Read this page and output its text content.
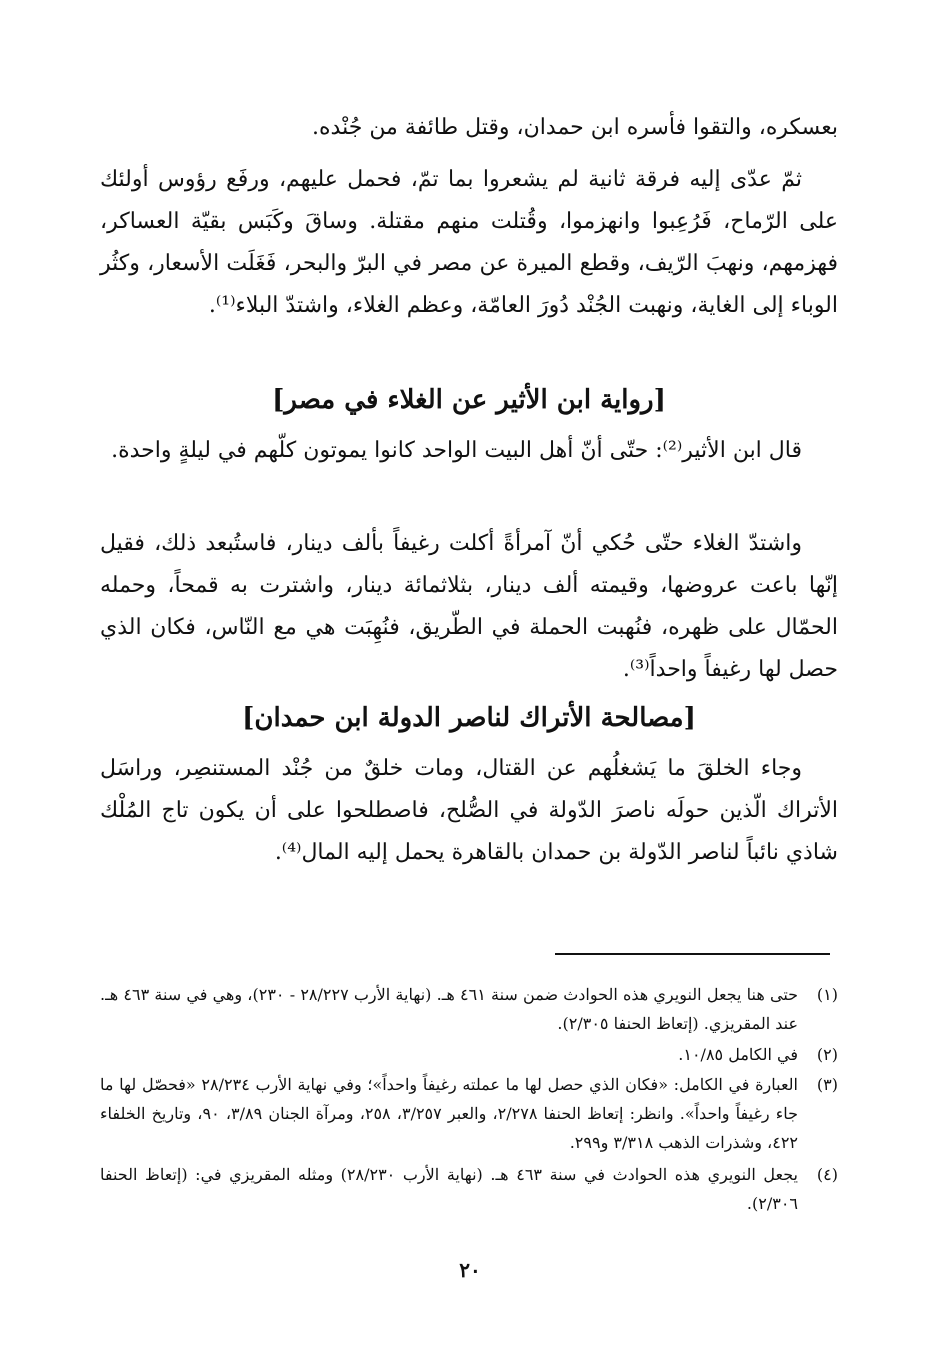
بعسكره، والتقوا فأسره ابن حمدان، وقتل طائفة من جُنْده.
ثمّ عدّى إليه فرقة ثانية لم يشعروا بما تمّ، فحمل عليهم، ورفَع رؤوس أولئك على الرّماح، فَرُعِبوا وانهزموا، وقُتلت منهم مقتلة. وساقَ وكَبَس بقيّة العساكر، فهزمهم، ونهبَ الرّيف، وقطع الميرة عن مصر في البرّ والبحر، فَغَلَت الأسعار، وكثُر الوباء إلى الغاية، ونهبت الجُنْد دُورَ العامّة، وعظم الغلاء، واشتدّ البلاء⁽¹⁾.
[رواية ابن الأثير عن الغلاء في مصر]
قال ابن الأثير⁽²⁾: حتّى أنّ أهل البيت الواحد كانوا يموتون كلّهم في ليلةٍ واحدة.
واشتدّ الغلاء حتّى حُكي أنّ آمرأةً أكلت رغيفاً بألف دينار، فاستُبعد ذلك، فقيل إنّها باعت عروضها، وقيمته ألف دينار، بثلاثمائة دينار، واشترت به قمحاً، وحمله الحمّال على ظهره، فنُهبت الحملة في الطّريق، فنُهِبَت هي مع النّاس، فكان الذي حصل لها رغيفاً واحداً⁽³⁾.
[مصالحة الأتراك لناصر الدولة ابن حمدان]
وجاء الخلقَ ما يَشغلُهم عن القتال، ومات خلقٌ من جُنْد المستنصِر، وراسَل الأتراك الّذين حولَه ناصرَ الدّولة في الصُّلح، فاصطلحوا على أن يكون تاج المُلْك شاذي نائباً لناصر الدّولة بن حمدان بالقاهرة يحمل إليه المال⁽⁴⁾.
(١)
حتى هنا يجعل النويري هذه الحوادث ضمن سنة ٤٦١ هـ. (نهاية الأرب ٢٨/٢٢٧ - ٢٣٠)، وهي في سنة ٤٦٣ هـ. عند المقريزي. (إتعاظ الحنفا ٢/٣٠٥).
(٢)
في الكامل ١٠/٨٥.
(٣)
العبارة في الكامل: «فكان الذي حصل لها ما عملته رغيفاً واحداً»؛ وفي نهاية الأرب ٢٨/٢٣٤ «فحصّل لها ما جاء رغيفاً واحداً». وانظر: إتعاظ الحنفا ٢/٢٧٨، والعبر ٣/٢٥٧، ٢٥٨، ومرآة الجنان ٣/٨٩، ٩٠، وتاريخ الخلفاء ٤٢٢، وشذرات الذهب ٣/٣١٨ و٢٩٩.
(٤)
يجعل النويري هذه الحوادث في سنة ٤٦٣ هـ. (نهاية الأرب ٢٨/٢٣٠) ومثله المقريزي في: (إتعاظ الحنفا ٢/٣٠٦).
٢٠
